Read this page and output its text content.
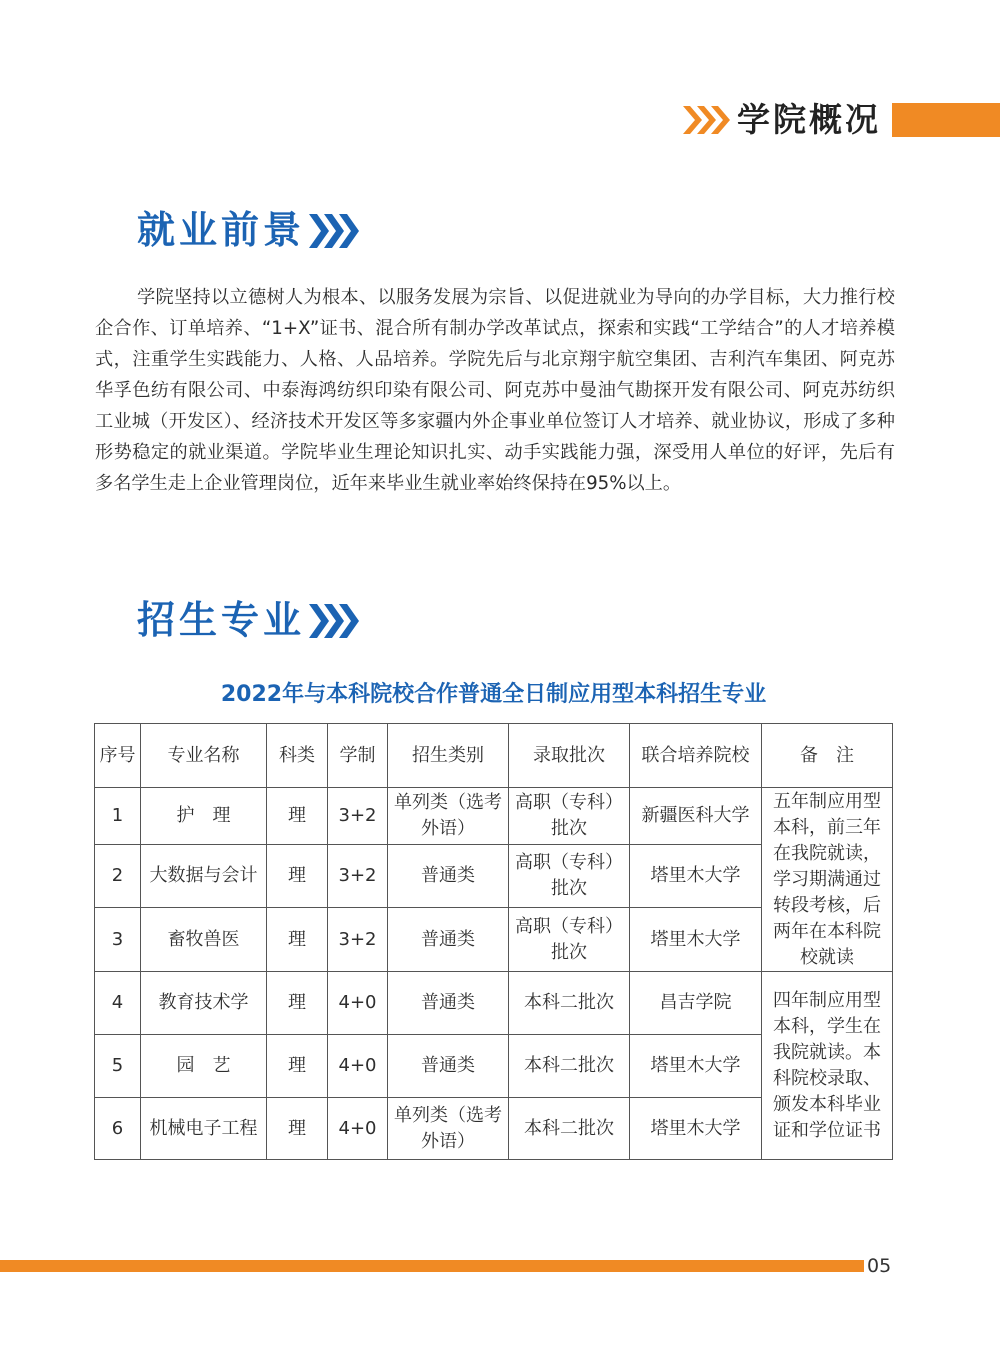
学院概况
就业前景

学院坚持以立德树人为根本、以服务发展为宗旨、以促进就业为导向的办学目标，大力推行校企合作、订单培养、“1+X”证书、混合所有制办学改革试点，探索和实践“工学结合”的人才培养模式，注重学生实践能力、人格、人品培养。学院先后与北京翔宇航空集团、吉利汽车集团、阿克苏华孚色纺有限公司、中泰海鸿纺织印染有限公司、阿克苏中曼油气勘探开发有限公司、阿克苏纺织工业城（开发区）、经济技术开发区等多家疆内外企事业单位签订人才培养、就业协议，形成了多种形势稳定的就业渠道。学院毕业生理论知识扎实、动手实践能力强，深受用人单位的好评，先后有多名学生走上企业管理岗位，近年来毕业生就业率始终保持在95%以上。

招生专业
2022年与本科院校合作普通全日制应用型本科招生专业
序号	专业名称	科类	学制	招生类别	录取批次	联合培养院校	备　注
1	护　理	理	3+2	单列类（选考外语）	高职（专科）批次	新疆医科大学	五年制应用型本科，前三年在我院就读，学习期满通过转段考核，后两年在本科院校就读
2	大数据与会计	理	3+2	普通类	高职（专科）批次	塔里木大学	
3	畜牧兽医	理	3+2	普通类	高职（专科）批次	塔里木大学	
4	教育技术学	理	4+0	普通类	本科二批次	昌吉学院	四年制应用型本科，学生在我院就读。本科院校录取、颁发本科毕业证和学位证书
5	园　艺	理	4+0	普通类	本科二批次	塔里木大学	
6	机械电子工程	理	4+0	单列类（选考外语）	本科二批次	塔里木大学	
05
